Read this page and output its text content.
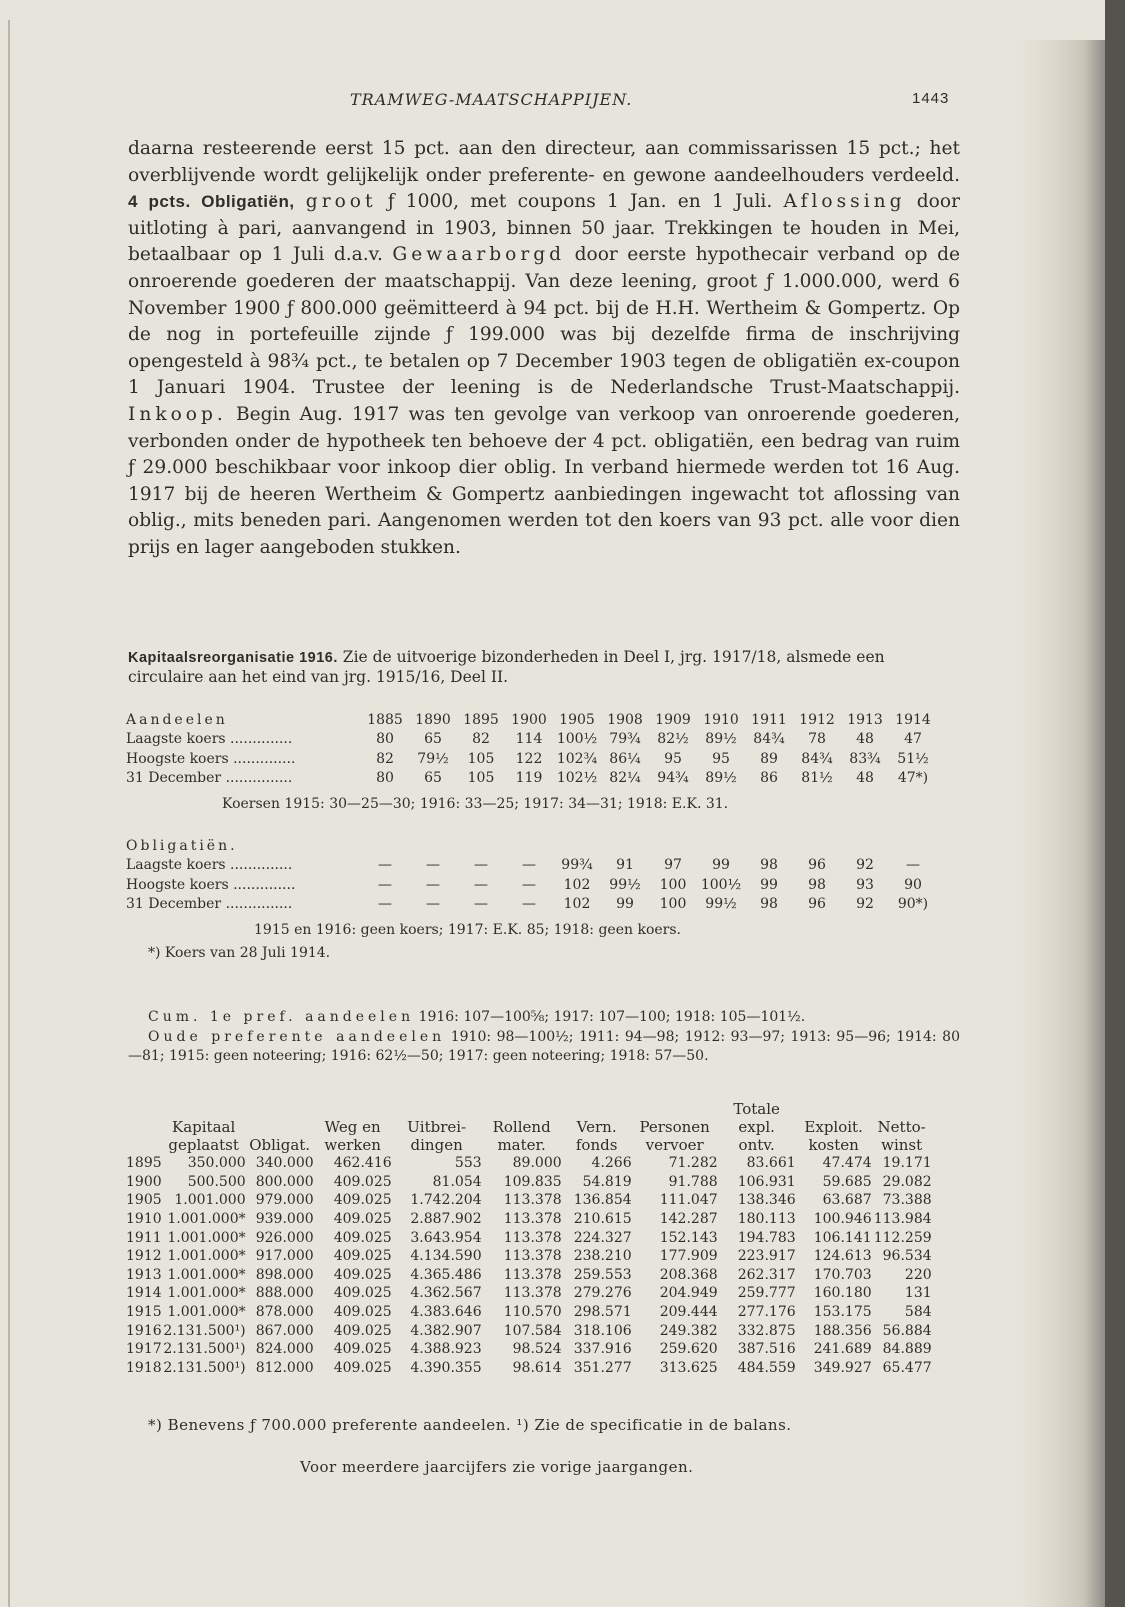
TRAMWEG-MAATSCHAPPIJEN.	1443
daarna resteerende eerst 15 pct. aan den directeur, aan commissarissen 15 pct.; het overblijvende wordt gelijkelijk onder preferente- en gewone aandeelhouders verdeeld. 4 pcts. Obligatiën, groot ƒ 1000, met coupons 1 Jan. en 1 Juli. Aflossing door uitloting à pari, aanvangend in 1903, binnen 50 jaar. Trekkingen te houden in Mei, betaalbaar op 1 Juli d.a.v. Gewaarborgd door eerste hypothecair verband op de onroerende goederen der maatschappij. Van deze leening, groot ƒ 1.000.000, werd 6 November 1900 ƒ 800.000 geëmitteerd à 94 pct. bij de H.H. Wertheim & Gompertz. Op de nog in portefeuille zijnde ƒ 199.000 was bij dezelfde firma de inschrijving opengesteld à 98¾ pct., te betalen op 7 December 1903 tegen de obligatiën ex-coupon 1 Januari 1904. Trustee der leening is de Nederlandsche Trust-Maatschappij. Inkoop. Begin Aug. 1917 was ten gevolge van verkoop van onroerende goederen, verbonden onder de hypotheek ten behoeve der 4 pct. obligatiën, een bedrag van ruim ƒ 29.000 beschikbaar voor inkoop dier oblig. In verband hiermede werden tot 16 Aug. 1917 bij de heeren Wertheim & Gompertz aanbiedingen ingewacht tot aflossing van oblig., mits beneden pari. Aangenomen werden tot den koers van 93 pct. alle voor dien prijs en lager aangeboden stukken.
Kapitaalsreorganisatie 1916. Zie de uitvoerige bizonderheden in Deel I, jrg. 1917/18, alsmede een circulaire aan het eind van jrg. 1915/16, Deel II.
Aandeelen	1885	1890	1895	1900	1905	1908	1909	1910	1911	1912	1913	1914
Laagste koers ..............	80	65	82	114	100½	79¾	82½	89½	84¾	78	48	47
Hoogste koers ..............	82	79½	105	122	102¾	86¼	95	95	89	84¾	83¾	51½
31 December ...............	80	65	105	119	102½	82¼	94¾	89½	86	81½	48	47*)
Koersen 1915: 30—25—30; 1916: 33—25; 1917: 34—31; 1918: E.K. 31.
Obligatiën.												
Laagste koers ..............	—	—	—	—	99¾	91	97	99	98	96	92	—
Hoogste koers ..............	—	—	—	—	102	99½	100	100½	99	98	93	90
31 December ...............	—	—	—	—	102	99	100	99½	98	96	92	90*)
1915 en 1916: geen koers; 1917: E.K. 85; 1918: geen koers.
*) Koers van 28 Juli 1914.
Cum. 1e pref. aandeelen 1916: 107—100⅝; 1917: 107—100; 1918: 105—101½.
Oude preferente aandeelen 1910: 98—100½; 1911: 94—98; 1912: 93—97; 1913: 95—96; 1914: 80—81; 1915: geen noteering; 1916: 62½—50; 1917: geen noteering; 1918: 57—50.
								Totale		
	Kapitaal		Weg en	Uitbrei-	Rollend	Vern.	Personen	expl.	Exploit.	Netto-
	geplaatst	Obligat.	werken	dingen	mater.	fonds	vervoer	ontv.	kosten	winst
1895	350.000	340.000	462.416	553	89.000	4.266	71.282	83.661	47.474	19.171
1900	500.500	800.000	409.025	81.054	109.835	54.819	91.788	106.931	59.685	29.082
1905	1.001.000	979.000	409.025	1.742.204	113.378	136.854	111.047	138.346	63.687	73.388
1910	1.001.000*	939.000	409.025	2.887.902	113.378	210.615	142.287	180.113	100.946	113.984
1911	1.001.000*	926.000	409.025	3.643.954	113.378	224.327	152.143	194.783	106.141	112.259
1912	1.001.000*	917.000	409.025	4.134.590	113.378	238.210	177.909	223.917	124.613	96.534
1913	1.001.000*	898.000	409.025	4.365.486	113.378	259.553	208.368	262.317	170.703	220
1914	1.001.000*	888.000	409.025	4.362.567	113.378	279.276	204.949	259.777	160.180	131
1915	1.001.000*	878.000	409.025	4.383.646	110.570	298.571	209.444	277.176	153.175	584
1916	2.131.500¹)	867.000	409.025	4.382.907	107.584	318.106	249.382	332.875	188.356	56.884
1917	2.131.500¹)	824.000	409.025	4.388.923	98.524	337.916	259.620	387.516	241.689	84.889
1918	2.131.500¹)	812.000	409.025	4.390.355	98.614	351.277	313.625	484.559	349.927	65.477
*) Benevens ƒ 700.000 preferente aandeelen. ¹) Zie de specificatie in de balans.
Voor meerdere jaarcijfers zie vorige jaargangen.
